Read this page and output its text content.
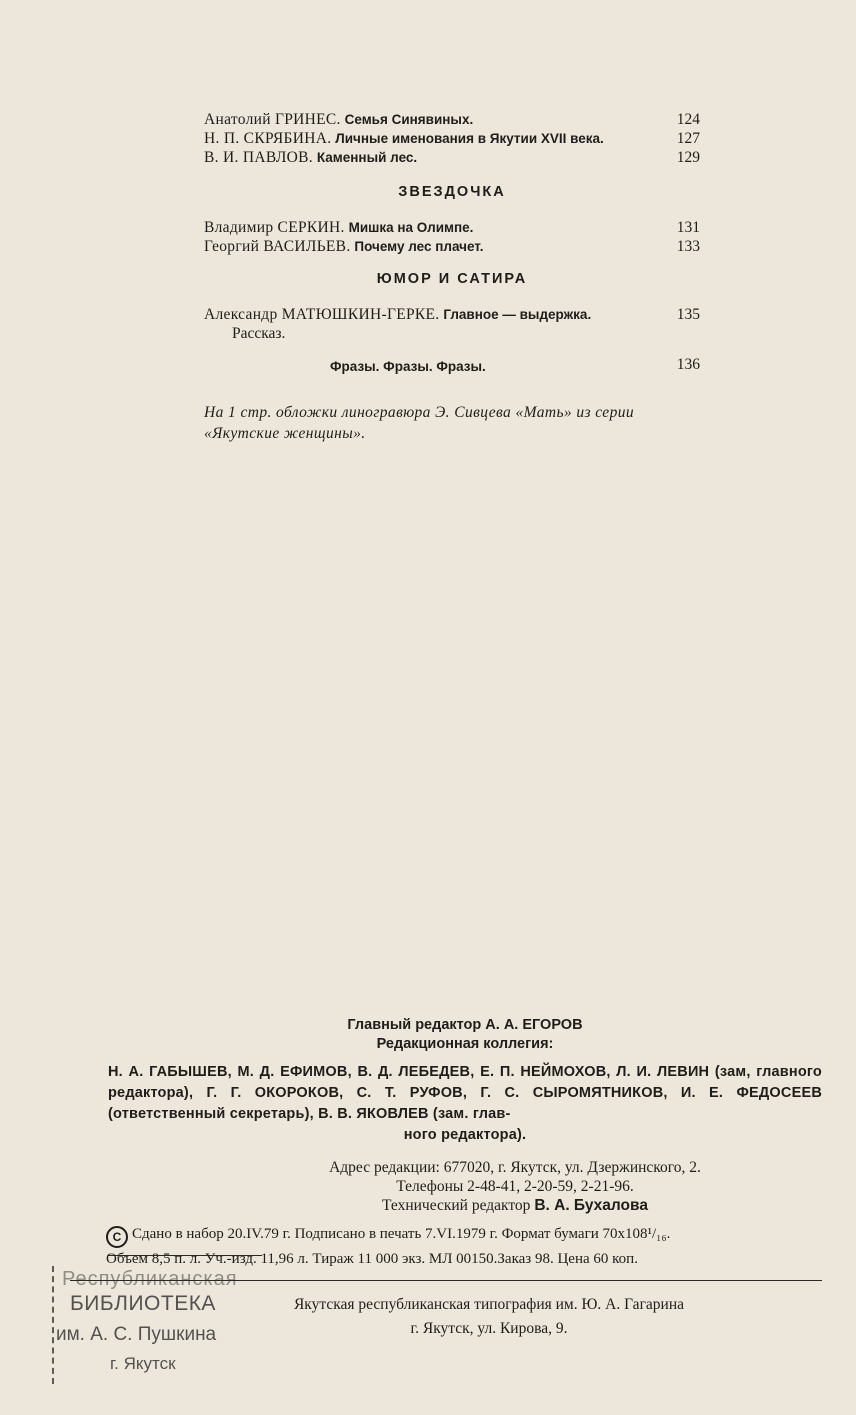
Анатолий ГРИНЕС. Семья Синявиных.	124
Н. П. СКРЯБИНА. Личные именования в Якутии XVII века.	127
В. И. ПАВЛОВ. Каменный лес.	129

ЗВЕЗДОЧКА

Владимир СЕРКИН. Мишка на Олимпе.	131
Георгий ВАСИЛЬЕВ. Почему лес плачет.	133

ЮМОР И САТИРА

Александр МАТЮШКИН-ГЕРКЕ. Главное — выдержка.	135
Рассказ.
Фразы. Фразы. Фразы.	136
На 1 стр. обложки линогравюра Э. Сивцева «Мать» из серии «Якутские женщины».
Главный редактор А. А. ЕГОРОВ
Редакционная коллегия:
Н. А. ГАБЫШЕВ, М. Д. ЕФИМОВ, В. Д. ЛЕБЕДЕВ, Е. П. НЕЙМОХОВ, Л. И. ЛЕВИН (зам, главного редактора), Г. Г. ОКОРОКОВ, С. Т. РУФОВ, Г. С. СЫРОМЯТНИКОВ, И. Е. ФЕДОСЕЕВ (ответственный секретарь), В. В. ЯКОВЛЕВ (зам. глав-
ного редактора).
Адрес редакции: 677020, г. Якутск, ул. Дзержинского, 2.
Телефоны 2-48-41, 2-20-59, 2-21-96.
Технический редактор В. А. Бухалова
C Сдано в набор 20.IV.79 г. Подписано в печать 7.VI.1979 г. Формат бумаги 70x108¹/₁₆.
Объем 8,5 п. л. Уч.-изд. 11,96 л. Тираж 11 000 экз. МЛ 00150.Заказ 98. Цена 60 коп.
Якутская республиканская типография им. Ю. А. Гагарина
г. Якутск, ул. Кирова, 9.
Республиканская
БИБЛИОТЕКА
им. А. С. Пушкина
г. Якутск
